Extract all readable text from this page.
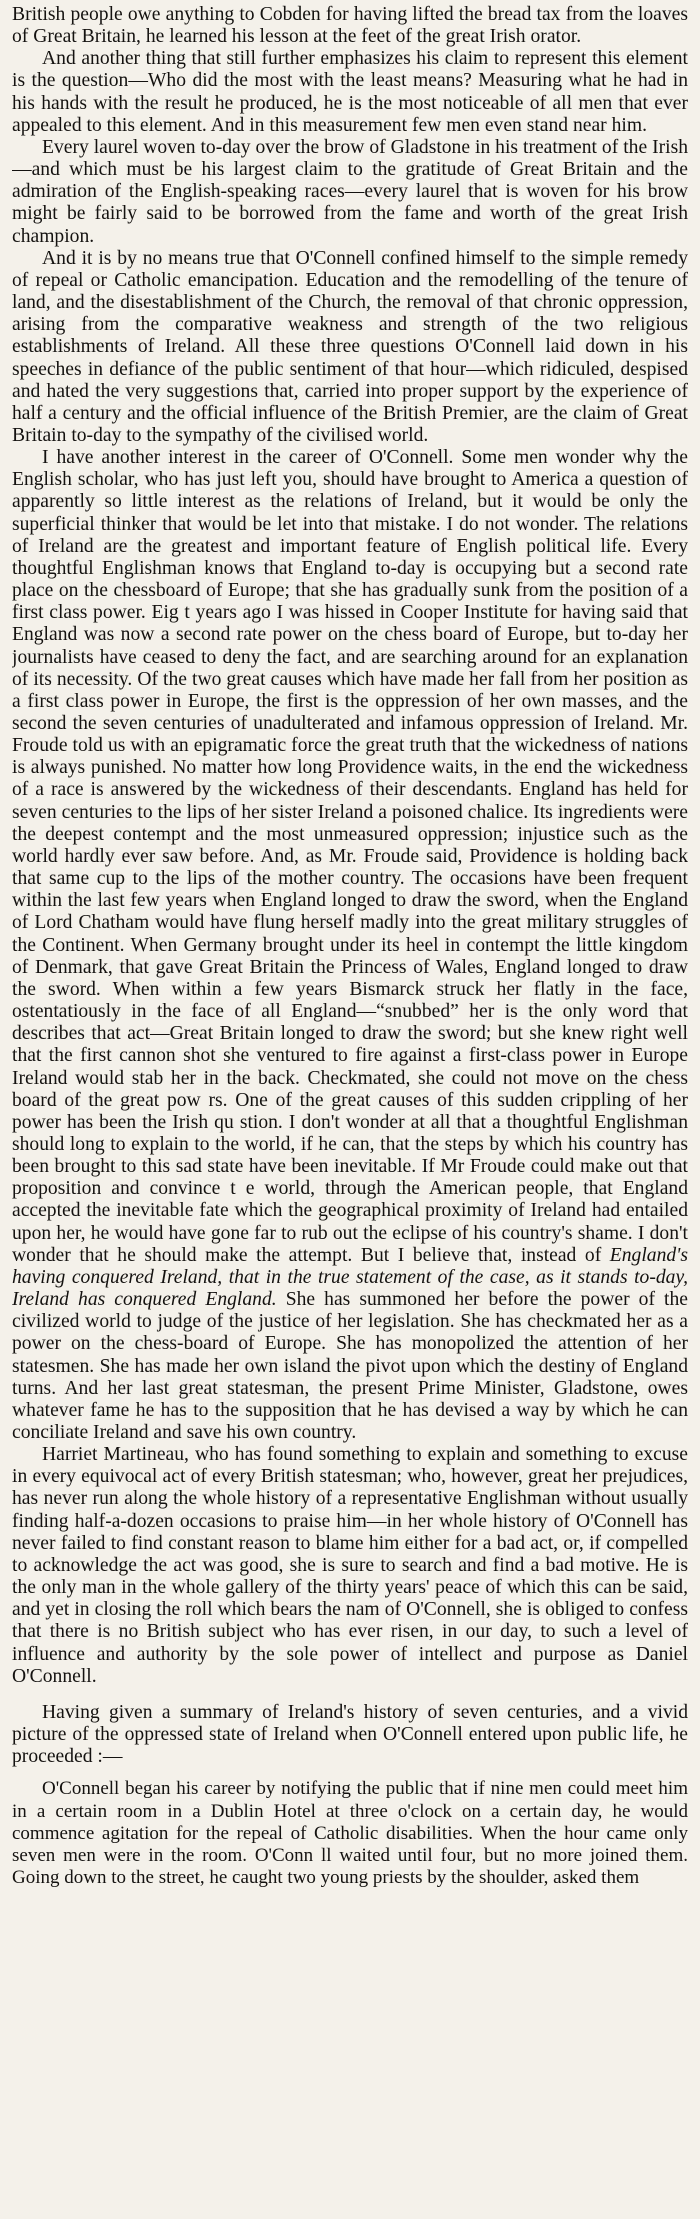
British people owe anything to Cobden for having lifted the bread tax from the loaves of Great Britain, he learned his lesson at the feet of the great Irish orator.

And another thing that still further emphasizes his claim to represent this element is the question—Who did the most with the least means? Measuring what he had in his hands with the result he produced, he is the most noticeable of all men that ever appealed to this element. And in this measurement few men even stand near him.

Every laurel woven to-day over the brow of Gladstone in his treatment of the Irish—and which must be his largest claim to the gratitude of Great Britain and the admiration of the English-speaking races—every laurel that is woven for his brow might be fairly said to be borrowed from the fame and worth of the great Irish champion.

And it is by no means true that O'Connell confined himself to the simple remedy of repeal or Catholic emancipation. Education and the remodelling of the tenure of land, and the disestablishment of the Church, the removal of that chronic oppression, arising from the comparative weakness and strength of the two religious establishments of Ireland. All these three questions O'Connell laid down in his speeches in defiance of the public sentiment of that hour—which ridiculed, despised and hated the very suggestions that, carried into proper support by the experience of half a century and the official influence of the British Premier, are the claim of Great Britain to-day to the sympathy of the civilised world.

I have another interest in the career of O'Connell. Some men wonder why the English scholar, who has just left you, should have brought to America a question of apparently so little interest as the relations of Ireland, but it would be only the superficial thinker that would be let into that mistake. I do not wonder. The relations of Ireland are the greatest and important feature of English political life. Every thoughtful Englishman knows that England to-day is occupying but a second rate place on the chessboard of Europe; that she has gradually sunk from the position of a first class power. Eig t years ago I was hissed in Cooper Institute for having said that England was now a second rate power on the chess board of Europe, but to-day her journalists have ceased to deny the fact, and are searching around for an explanation of its necessity. Of the two great causes which have made her fall from her position as a first class power in Europe, the first is the oppression of her own masses, and the second the seven centuries of unadulterated and infamous oppression of Ireland. Mr. Froude told us with an epigramatic force the great truth that the wickedness of nations is always punished. No matter how long Providence waits, in the end the wickedness of a race is answered by the wickedness of their descendants. England has held for seven centuries to the lips of her sister Ireland a poisoned chalice. Its ingredients were the deepest contempt and the most unmeasured oppression; injustice such as the world hardly ever saw before. And, as Mr. Froude said, Providence is holding back that same cup to the lips of the mother country. The occasions have been frequent within the last few years when England longed to draw the sword, when the England of Lord Chatham would have flung herself madly into the great military struggles of the Continent. When Germany brought under its heel in contempt the little kingdom of Denmark, that gave Great Britain the Princess of Wales, England longed to draw the sword. When within a few years Bismarck struck her flatly in the face, ostentatiously in the face of all England—“snubbed” her is the only word that describes that act—Great Britain longed to draw the sword; but she knew right well that the first cannon shot she ventured to fire against a first-class power in Europe Ireland would stab her in the back. Checkmated, she could not move on the chess board of the great pow rs. One of the great causes of this sudden crippling of her power has been the Irish qu stion. I don't wonder at all that a thoughtful Englishman should long to explain to the world, if he can, that the steps by which his country has been brought to this sad state have been inevitable. If Mr Froude could make out that proposition and convince t e world, through the American people, that England accepted the inevitable fate which the geographical proximity of Ireland had entailed upon her, he would have gone far to rub out the eclipse of his country's shame. I don't wonder that he should make the attempt. But I believe that, instead of England's having conquered Ireland, that in the true statement of the case, as it stands to-day, Ireland has conquered England. She has summoned her before the power of the civilized world to judge of the justice of her legislation. She has checkmated her as a power on the chess-board of Europe. She has monopolized the attention of her statesmen. She has made her own island the pivot upon which the destiny of England turns. And her last great statesman, the present Prime Minister, Gladstone, owes whatever fame he has to the supposition that he has devised a way by which he can conciliate Ireland and save his own country.

Harriet Martineau, who has found something to explain and something to excuse in every equivocal act of every British statesman; who, however, great her prejudices, has never run along the whole history of a representative Englishman without usually finding half-a-dozen occasions to praise him—in her whole history of O'Connell has never failed to find constant reason to blame him either for a bad act, or, if compelled to acknowledge the act was good, she is sure to search and find a bad motive. He is the only man in the whole gallery of the thirty years' peace of which this can be said, and yet in closing the roll which bears the nam of O'Connell, she is obliged to confess that there is no British subject who has ever risen, in our day, to such a level of influence and authority by the sole power of intellect and purpose as Daniel O'Connell.

Having given a summary of Ireland's history of seven centuries, and a vivid picture of the oppressed state of Ireland when O'Connell entered upon public life, he proceeded :—

O'Connell began his career by notifying the public that if nine men could meet him in a certain room in a Dublin Hotel at three o'clock on a certain day, he would commence agitation for the repeal of Catholic disabilities. When the hour came only seven men were in the room. O'Conn ll waited until four, but no more joined them. Going down to the street, he caught two young priests by the shoulder, asked them
